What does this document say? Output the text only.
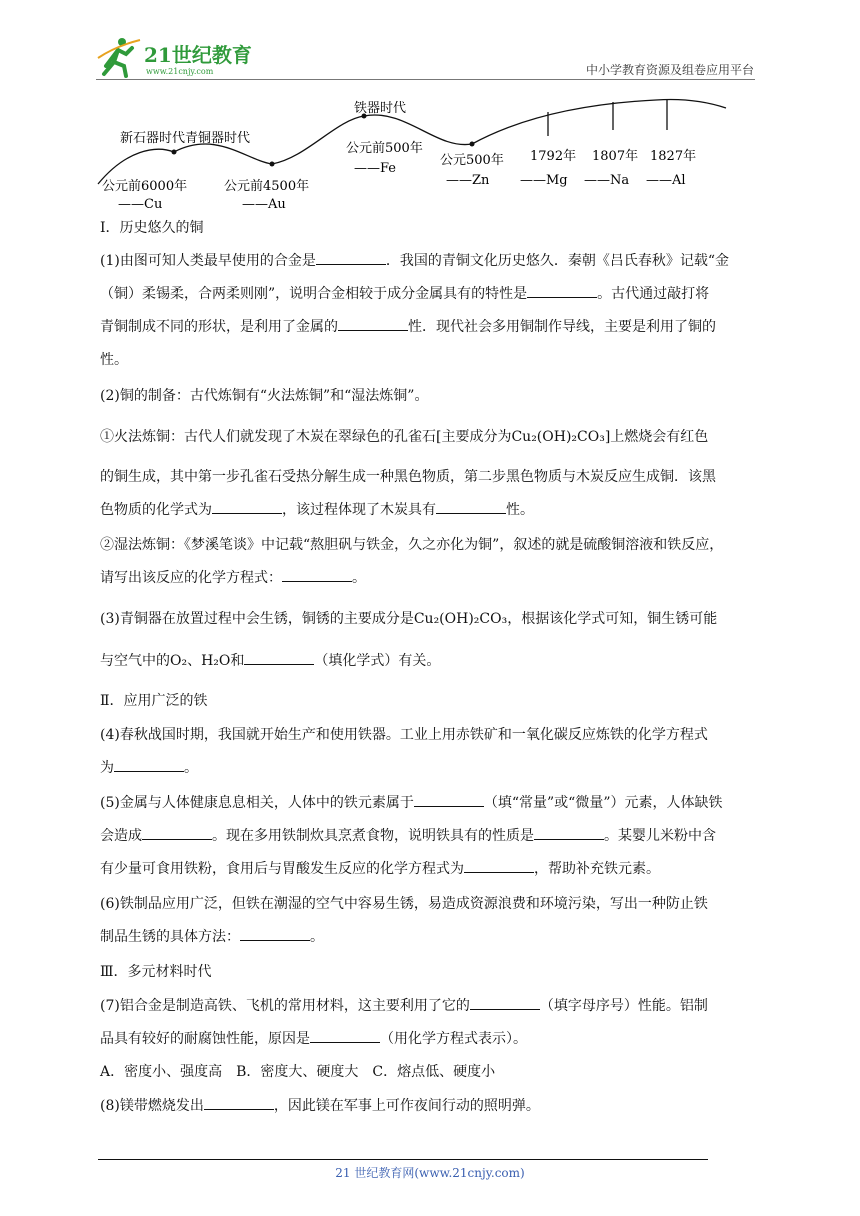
21世纪教育
www.21cnjy.com	中小学教育资源及组卷应用平台
新石器时代青铜器时代
铁器时代
公元前6000年
——Cu
公元前4500年
——Au
公元前500年
——Fe
公元500年
——Zn
1792年
——Mg
1807年
——Na
1827年
——Al
Ⅰ．历史悠久的铜
(1)由图可知人类最早使用的合金是	．我国的青铜文化历史悠久．秦朝《吕氏春秋》记载“金
（铜）柔锡柔，合两柔则刚”，说明合金相较于成分金属具有的特性是	。古代通过敲打将
青铜制成不同的形状，是利用了金属的	性．现代社会多用铜制作导线，主要是利用了铜的
性。
(2)铜的制备：古代炼铜有“火法炼铜”和“湿法炼铜”。
①火法炼铜：古代人们就发现了木炭在翠绿色的孔雀石[主要成分为Cu₂(OH)₂CO₃]上燃烧会有红色
的铜生成，其中第一步孔雀石受热分解生成一种黑色物质，第二步黑色物质与木炭反应生成铜．该黑
色物质的化学式为	，该过程体现了木炭具有	性。
②湿法炼铜：《梦溪笔谈》中记载“熬胆矾与铁金，久之亦化为铜”，叙述的就是硫酸铜溶液和铁反应，
请写出该反应的化学方程式：	。
(3)青铜器在放置过程中会生锈，铜锈的主要成分是Cu₂(OH)₂CO₃，根据该化学式可知，铜生锈可能
与空气中的O₂、H₂O和	（填化学式）有关。
Ⅱ．应用广泛的铁
(4)春秋战国时期，我国就开始生产和使用铁器。工业上用赤铁矿和一氧化碳反应炼铁的化学方程式
为	。
(5)金属与人体健康息息相关，人体中的铁元素属于	（填“常量”或“微量”）元素，人体缺铁
会造成	。现在多用铁制炊具烹煮食物，说明铁具有的性质是	。某婴儿米粉中含
有少量可食用铁粉，食用后与胃酸发生反应的化学方程式为	，帮助补充铁元素。
(6)铁制品应用广泛，但铁在潮湿的空气中容易生锈，易造成资源浪费和环境污染，写出一种防止铁
制品生锈的具体方法：	。
Ⅲ．多元材料时代
(7)铝合金是制造高铁、飞机的常用材料，这主要利用了它的	（填字母序号）性能。铝制
品具有较好的耐腐蚀性能，原因是	（用化学方程式表示）。
A．密度小、强度高　B．密度大、硬度大　C．熔点低、硬度小
(8)镁带燃烧发出	，因此镁在军事上可作夜间行动的照明弹。
21 世纪教育网(www.21cnjy.com)
